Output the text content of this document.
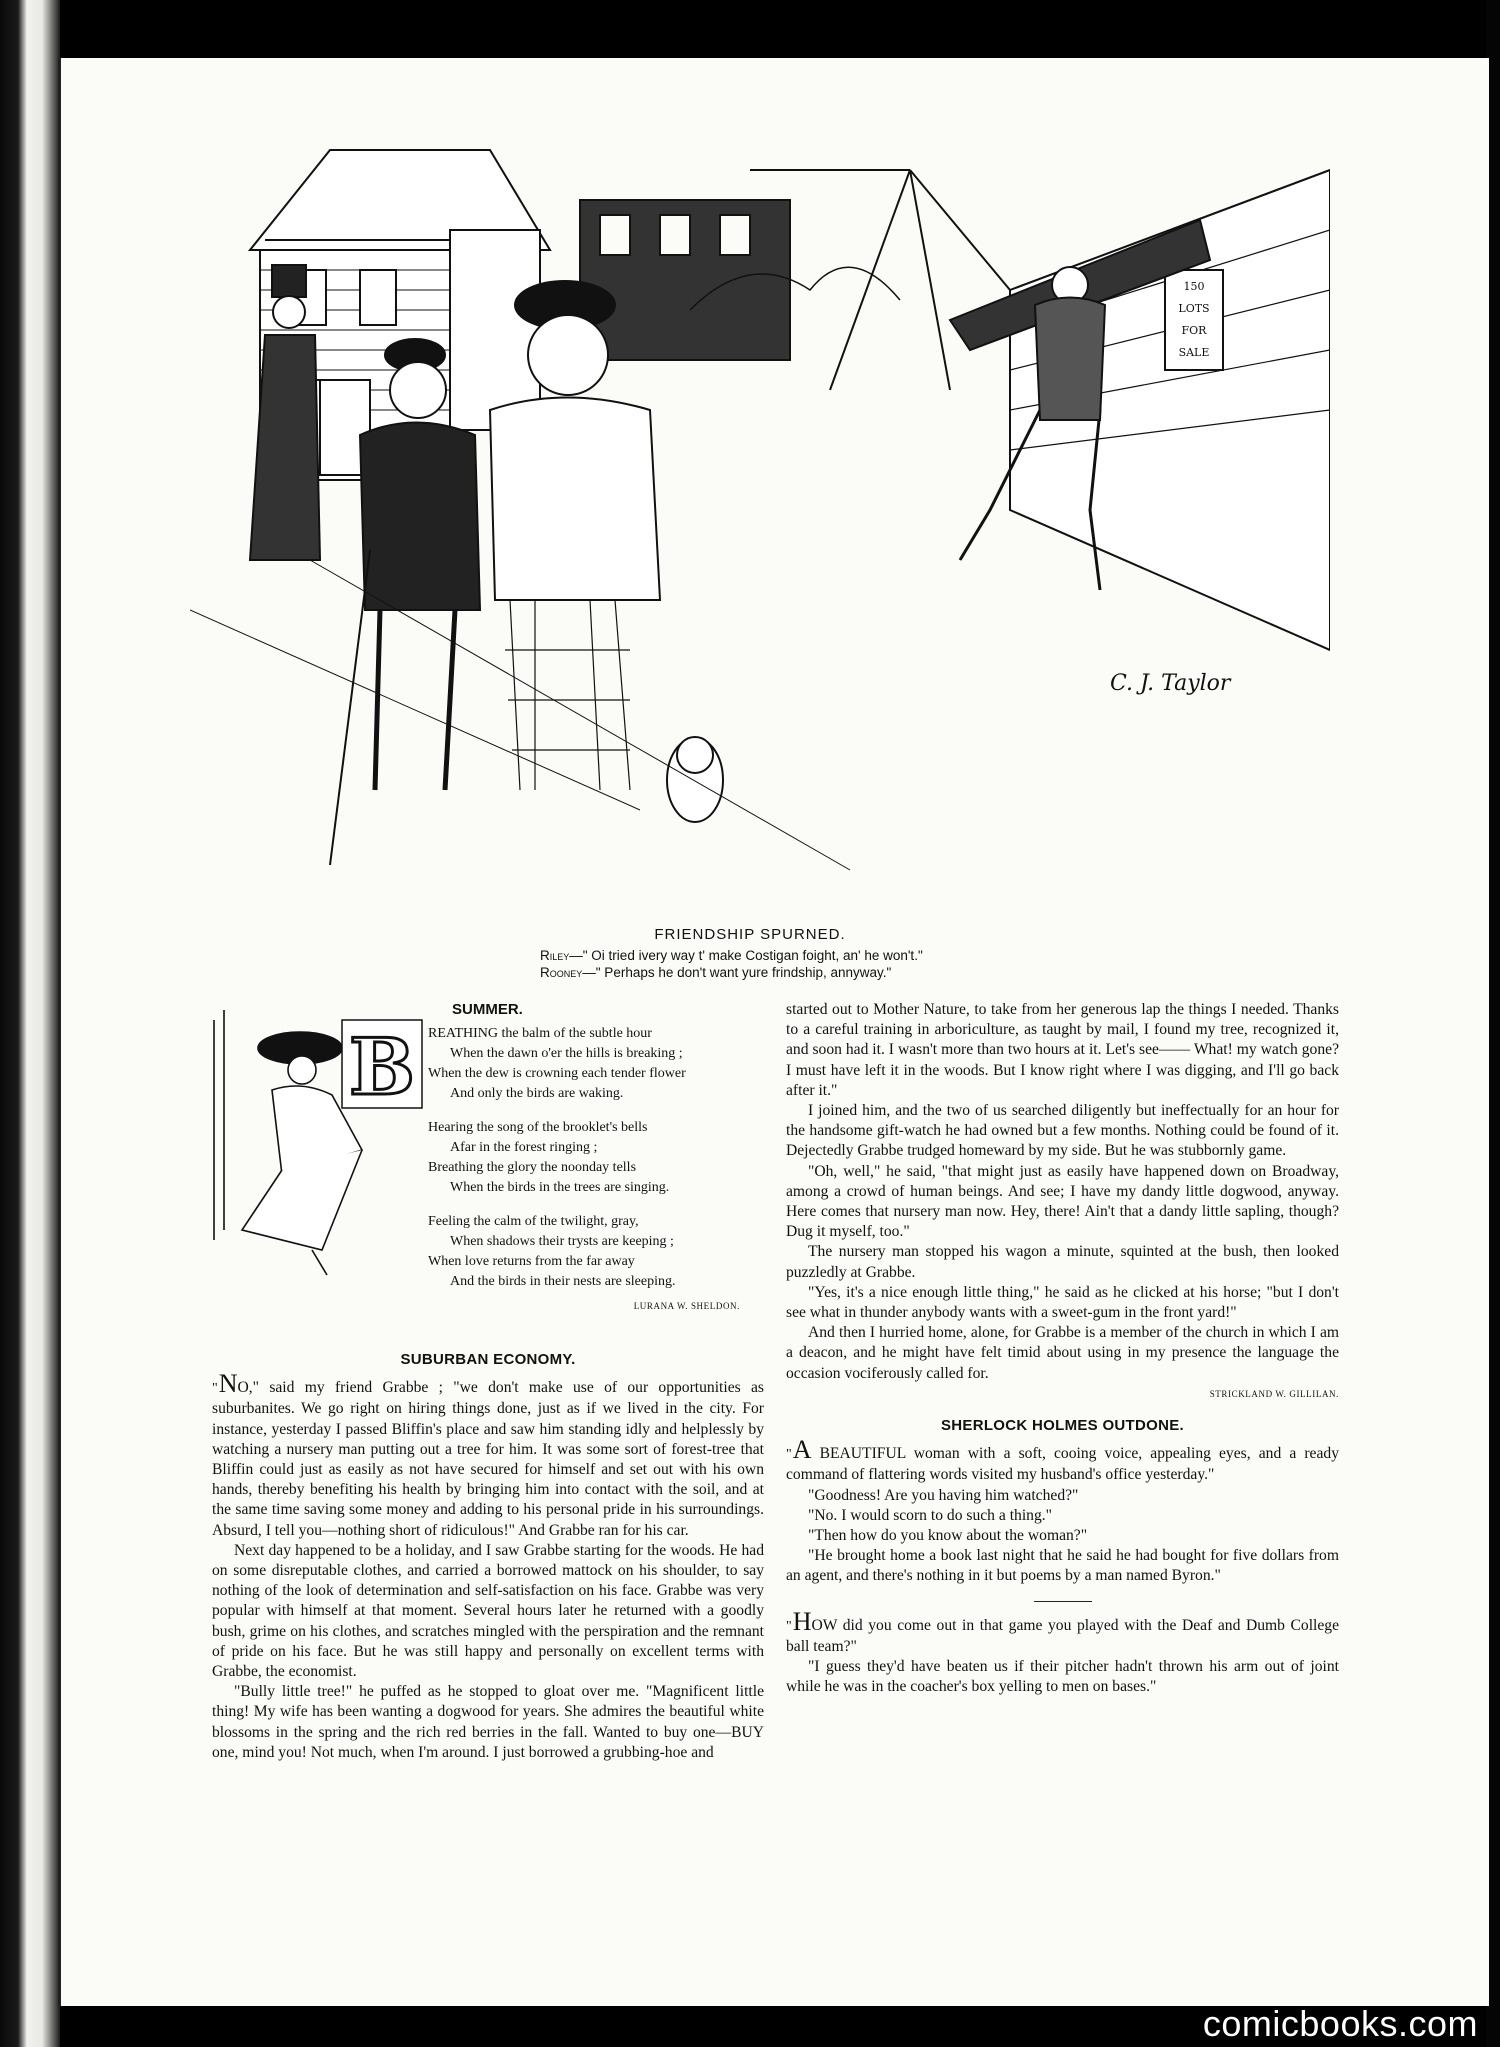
150
LOTS
FOR
SALE
C. J. Taylor
FRIENDSHIP SPURNED.
Riley—" Oi tried ivery way t' make Costigan foight, an' he won't."
Rooney—" Perhaps he don't want yure frindship, annyway."
B
SUMMER.
REATHING the balm of the subtle hour
When the dawn o'er the hills is breaking ;
When the dew is crowning each tender flower
And only the birds are waking.
Hearing the song of the brooklet's bells
Afar in the forest ringing ;
Breathing the glory the noonday tells
When the birds in the trees are singing.
Feeling the calm of the twilight, gray,
When shadows their trysts are keeping ;
When love returns from the far away
And the birds in their nests are sleeping.
LURANA W. SHELDON.
SUBURBAN ECONOMY.

"NO," said my friend Grabbe ; "we don't make use of our opportunities as suburbanites. We go right on hiring things done, just as if we lived in the city. For instance, yesterday I passed Bliffin's place and saw him standing idly and helplessly by watching a nursery man putting out a tree for him. It was some sort of forest-tree that Bliffin could just as easily as not have secured for himself and set out with his own hands, thereby benefiting his health by bringing him into contact with the soil, and at the same time saving some money and adding to his personal pride in his surroundings. Absurd, I tell you—nothing short of ridiculous!" And Grabbe ran for his car.

Next day happened to be a holiday, and I saw Grabbe starting for the woods. He had on some disreputable clothes, and carried a borrowed mattock on his shoulder, to say nothing of the look of determination and self-satisfaction on his face. Grabbe was very popular with himself at that moment. Several hours later he returned with a goodly bush, grime on his clothes, and scratches mingled with the perspiration and the remnant of pride on his face. But he was still happy and personally on excellent terms with Grabbe, the economist.

"Bully little tree!" he puffed as he stopped to gloat over me. "Magnificent little thing! My wife has been wanting a dogwood for years. She admires the beautiful white blossoms in the spring and the rich red berries in the fall. Wanted to buy one—BUY one, mind you! Not much, when I'm around. I just borrowed a grubbing-hoe and

started out to Mother Nature, to take from her generous lap the things I needed. Thanks to a careful training in arboriculture, as taught by mail, I found my tree, recognized it, and soon had it. I wasn't more than two hours at it. Let's see—— What! my watch gone? I must have left it in the woods. But I know right where I was digging, and I'll go back after it."

I joined him, and the two of us searched diligently but ineffectually for an hour for the handsome gift-watch he had owned but a few months. Nothing could be found of it. Dejectedly Grabbe trudged homeward by my side. But he was stubbornly game.

"Oh, well," he said, "that might just as easily have happened down on Broadway, among a crowd of human beings. And see; I have my dandy little dogwood, anyway. Here comes that nursery man now. Hey, there! Ain't that a dandy little sapling, though? Dug it myself, too."

The nursery man stopped his wagon a minute, squinted at the bush, then looked puzzledly at Grabbe.

"Yes, it's a nice enough little thing," he said as he clicked at his horse; "but I don't see what in thunder anybody wants with a sweet-gum in the front yard!"

And then I hurried home, alone, for Grabbe is a member of the church in which I am a deacon, and he might have felt timid about using in my presence the language the occasion vociferously called for.

STRICKLAND W. GILLILAN.
SHERLOCK HOLMES OUTDONE.

"A BEAUTIFUL woman with a soft, cooing voice, appealing eyes, and a ready command of flattering words visited my husband's office yesterday."

"Goodness! Are you having him watched?"

"No. I would scorn to do such a thing."

"Then how do you know about the woman?"

"He brought home a book last night that he said he had bought for five dollars from an agent, and there's nothing in it but poems by a man named Byron."

"HOW did you come out in that game you played with the Deaf and Dumb College ball team?"

"I guess they'd have beaten us if their pitcher hadn't thrown his arm out of joint while he was in the coacher's box yelling to men on bases."

comicbooks.com
